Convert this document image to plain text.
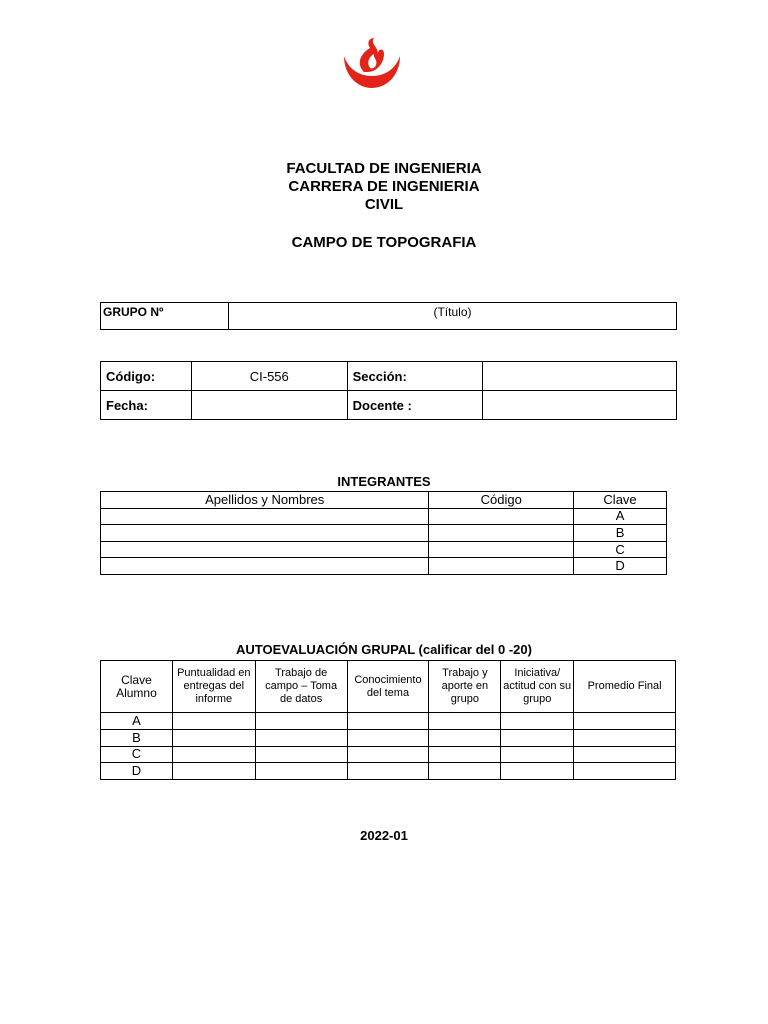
FACULTAD DE INGENIERIA
CARRERA DE INGENIERIA
CIVIL
CAMPO DE TOPOGRAFIA
GRUPO Nº	(Título)
Código:	CI-556	Sección:	
Fecha:		Docente :	
INTEGRANTES
Apellidos y Nombres	Código	Clave
		A
		B
		C
		D
AUTOEVALUACIÓN GRUPAL (calificar del 0 -20)
Clave Alumno	Puntualidad en entregas del informe	Trabajo de campo – Toma de datos	Conocimiento del tema	Trabajo y aporte en grupo	Iniciativa/ actitud con su grupo	Promedio Final
A						
B						
C						
D						
2022-01
